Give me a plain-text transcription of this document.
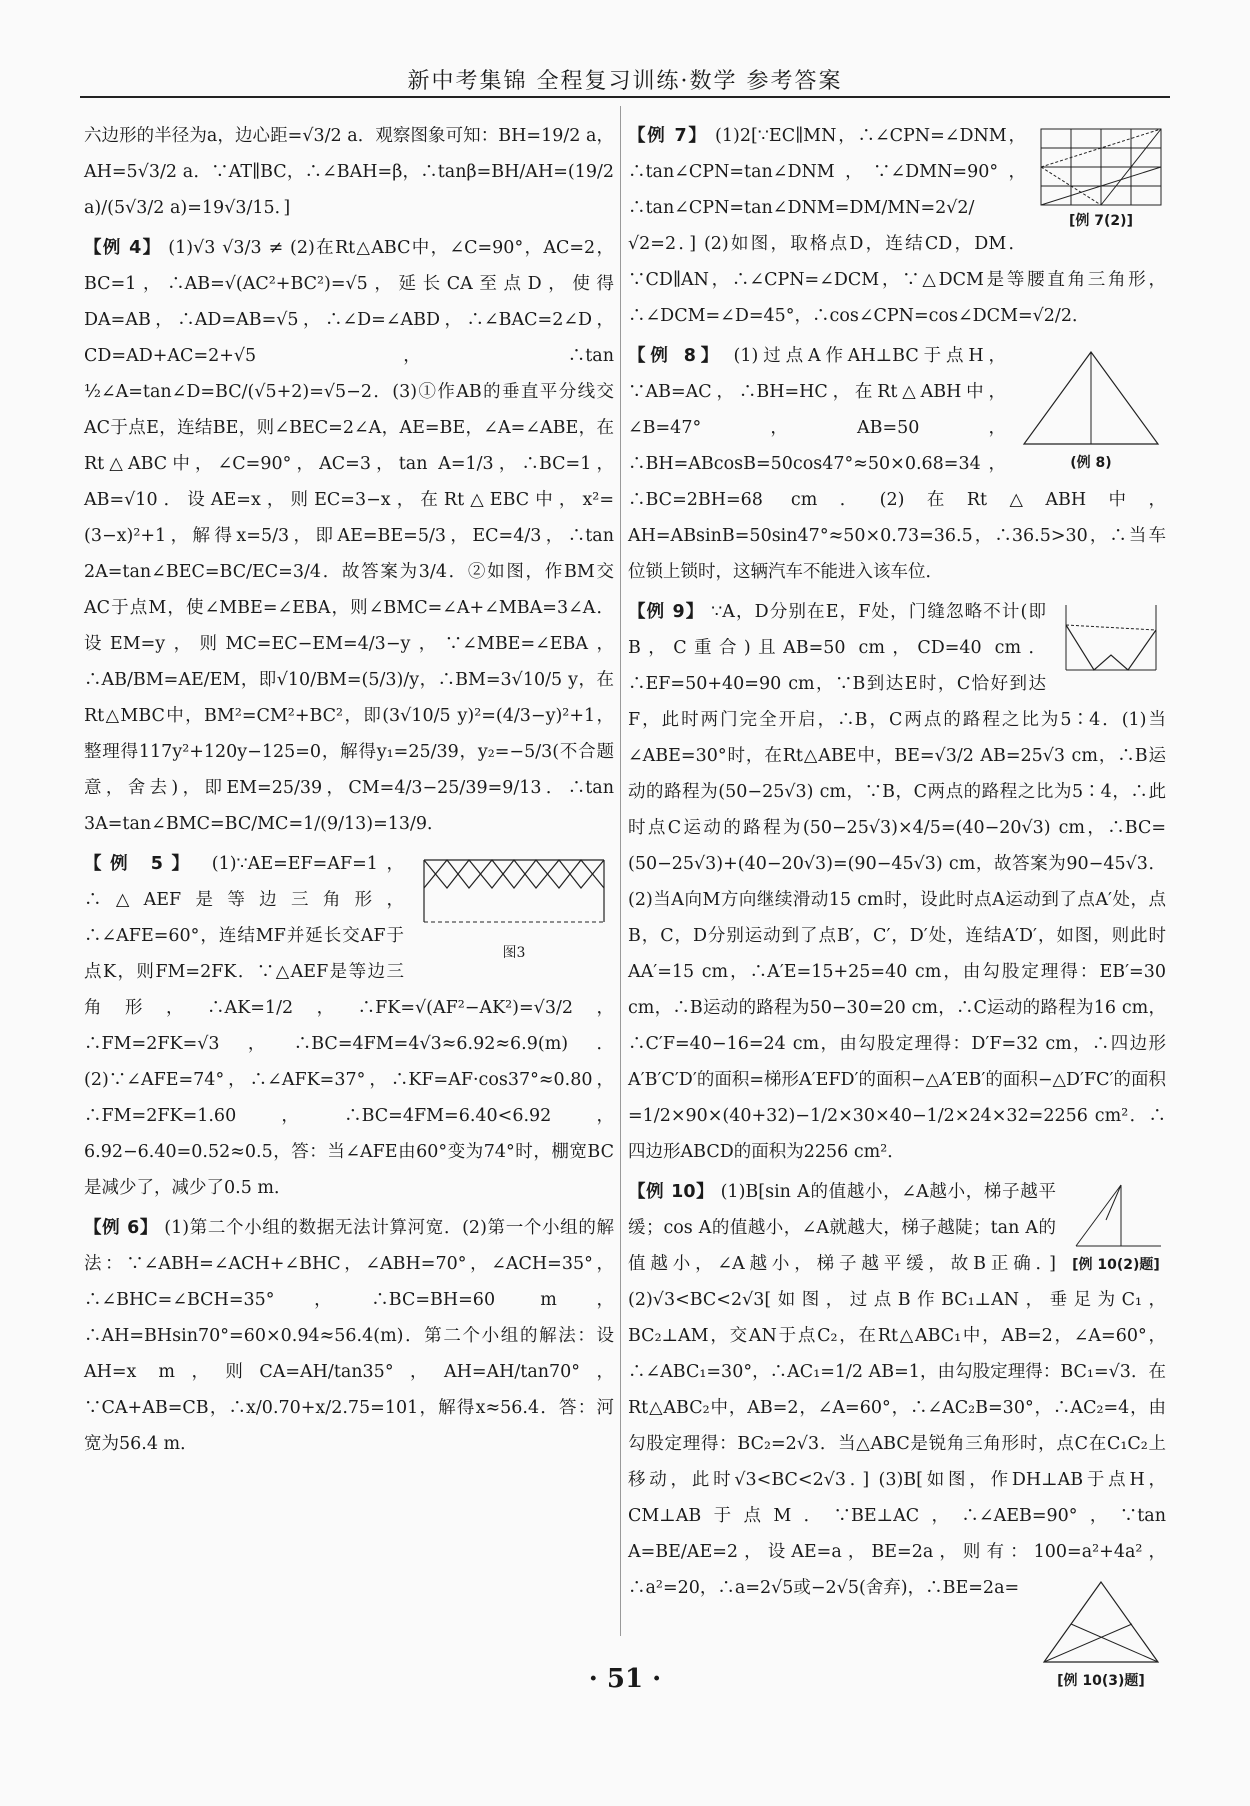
新中考集锦 全程复习训练·数学 参考答案

六边形的半径为a，边心距=√3/2 a．观察图象可知：BH=19/2 a，AH=5√3/2 a．∵AT∥BC，∴∠BAH=β，∴tanβ=BH/AH=(19/2 a)/(5√3/2 a)=19√3/15．]

【例 4】 (1)√3 √3/3 ≠ (2)在Rt△ABC中，∠C=90°，AC=2，BC=1，∴AB=√(AC²+BC²)=√5，延长CA至点D，使得DA=AB，∴AD=AB=√5，∴∠D=∠ABD，∴∠BAC=2∠D，CD=AD+AC=2+√5，∴tan ½∠A=tan∠D=BC/(√5+2)=√5−2．(3)①作AB的垂直平分线交AC于点E，连结BE，则∠BEC=2∠A，AE=BE，∠A=∠ABE，在Rt△ABC中，∠C=90°，AC=3，tan A=1/3，∴BC=1，AB=√10．设AE=x，则EC=3−x，在Rt△EBC中，x²=(3−x)²+1，解得x=5/3，即AE=BE=5/3，EC=4/3，∴tan 2A=tan∠BEC=BC/EC=3/4．故答案为3/4．②如图，作BM交AC于点M，使∠MBE=∠EBA，则∠BMC=∠A+∠MBA=3∠A．设EM=y，则MC=EC−EM=4/3−y，∵∠MBE=∠EBA，∴AB/BM=AE/EM，即√10/BM=(5/3)/y，∴BM=3√10/5 y，在Rt△MBC中，BM²=CM²+BC²，即(3√10/5 y)²=(4/3−y)²+1，整理得117y²+120y−125=0，解得y₁=25/39，y₂=−5/3(不合题意，舍去)，即EM=25/39，CM=4/3−25/39=9/13．∴tan 3A=tan∠BMC=BC/MC=1/(9/13)=13/9．

图3
【例 5】 (1)∵AE=EF=AF=1，∴△AEF是等边三角形，∴∠AFE=60°，连结MF并延长交AF于点K，则FM=2FK．∵△AEF是等边三角形，∴AK=1/2，∴FK=√(AF²−AK²)=√3/2，∴FM=2FK=√3，∴BC=4FM=4√3≈6.92≈6.9(m)．(2)∵∠AFE=74°，∴∠AFK=37°，∴KF=AF·cos37°≈0.80，∴FM=2FK=1.60，∴BC=4FM=6.40<6.92，6.92−6.40=0.52≈0.5，答：当∠AFE由60°变为74°时，棚宽BC是减少了，减少了0.5 m．

【例 6】 (1)第二个小组的数据无法计算河宽．(2)第一个小组的解法：∵∠ABH=∠ACH+∠BHC，∠ABH=70°，∠ACH=35°，∴∠BHC=∠BCH=35°，∴BC=BH=60 m，∴AH=BHsin70°=60×0.94≈56.4(m)．第二个小组的解法：设AH=x m，则CA=AH/tan35°，AH=AH/tan70°，∵CA+AB=CB，∴x/0.70+x/2.75=101，解得x≈56.4．答：河宽为56.4 m．

[例 7(2)]
【例 7】 (1)2[∵EC∥MN，∴∠CPN=∠DNM，∴tan∠CPN=tan∠DNM，∵∠DMN=90°，∴tan∠CPN=tan∠DNM=DM/MN=2√2/√2=2．] (2)如图，取格点D，连结CD，DM．∵CD∥AN，∴∠CPN=∠DCM，∵△DCM是等腰直角三角形，∴∠DCM=∠D=45°，∴cos∠CPN=cos∠DCM=√2/2．

(例 8)
【例 8】 (1)过点A作AH⊥BC于点H，∵AB=AC，∴BH=HC，在Rt△ABH中，∠B=47°，AB=50，∴BH=ABcosB=50cos47°≈50×0.68=34，∴BC=2BH=68 cm．(2)在Rt△ABH中，AH=ABsinB=50sin47°≈50×0.73=36.5，∴36.5>30，∴当车位锁上锁时，这辆汽车不能进入该车位．

【例 9】 ∵A，D分别在E，F处，门缝忽略不计(即B，C重合)且AB=50 cm，CD=40 cm．∴EF=50+40=90 cm，∵B到达E时，C恰好到达F，此时两门完全开启，∴B，C两点的路程之比为5∶4．(1)当∠ABE=30°时，在Rt△ABE中，BE=√3/2 AB=25√3 cm，∴B运动的路程为(50−25√3) cm，∵B，C两点的路程之比为5∶4，∴此时点C运动的路程为(50−25√3)×4/5=(40−20√3) cm，∴BC=(50−25√3)+(40−20√3)=(90−45√3) cm，故答案为90−45√3．(2)当A向M方向继续滑动15 cm时，设此时点A运动到了点A′处，点B，C，D分别运动到了点B′，C′，D′处，连结A′D′，如图，则此时AA′=15 cm，∴A′E=15+25=40 cm，由勾股定理得：EB′=30 cm，∴B运动的路程为50−30=20 cm，∴C运动的路程为16 cm，∴C′F=40−16=24 cm，由勾股定理得：D′F=32 cm，∴四边形A′B′C′D′的面积=梯形A′EFD′的面积−△A′EB′的面积−△D′FC′的面积=1/2×90×(40+32)−1/2×30×40−1/2×24×32=2256 cm²．∴四边形ABCD的面积为2256 cm²．

[例 10(2)题]
【例 10】 (1)B[sin A的值越小，∠A越小，梯子越平缓；cos A的值越小，∠A就越大，梯子越陡；tan A的值越小，∠A越小，梯子越平缓，故B正确．] (2)√3<BC<2√3[如图，过点B作BC₁⊥AN，垂足为C₁，BC₂⊥AM，交AN于点C₂，在Rt△ABC₁中，AB=2，∠A=60°，∴∠ABC₁=30°，∴AC₁=1/2 AB=1，由勾股定理得：BC₁=√3．在Rt△ABC₂中，AB=2，∠A=60°，∴∠AC₂B=30°，∴AC₂=4，由勾股定理得：BC₂=2√3．当△ABC是锐角三角形时，点C在C₁C₂上移动，此时√3<BC<2√3．] (3)B[如图，作DH⊥AB于点H，CM⊥AB于点M．∵BE⊥AC，∴∠AEB=90°，∵tan A=BE/AE=2，设AE=a，BE=2a，则有：100=a²+4a²，∴a²=20，∴a=2√5或−2√5(舍弃)，∴BE=2a=
[例 10(3)题]

· 51 ·
